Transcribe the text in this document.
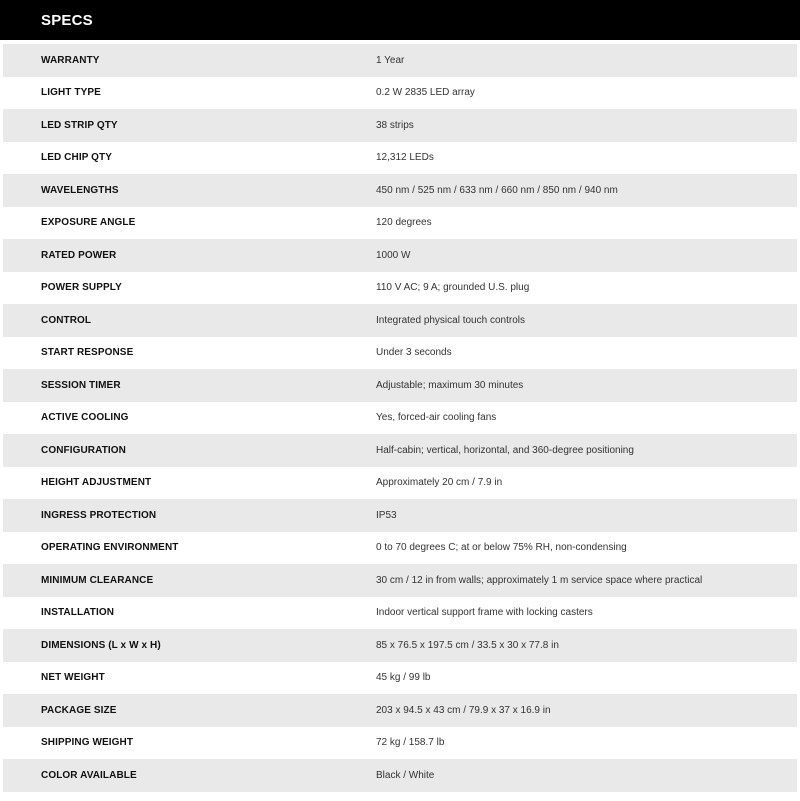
SPECS
WARRANTY	1 Year
LIGHT TYPE	0.2 W 2835 LED array
LED STRIP QTY	38 strips
LED CHIP QTY	12,312 LEDs
WAVELENGTHS	450 nm / 525 nm / 633 nm / 660 nm / 850 nm / 940 nm
EXPOSURE ANGLE	120 degrees
RATED POWER	1000 W
POWER SUPPLY	110 V AC; 9 A; grounded U.S. plug
CONTROL	Integrated physical touch controls
START RESPONSE	Under 3 seconds
SESSION TIMER	Adjustable; maximum 30 minutes
ACTIVE COOLING	Yes, forced-air cooling fans
CONFIGURATION	Half-cabin; vertical, horizontal, and 360-degree positioning
HEIGHT ADJUSTMENT	Approximately 20 cm / 7.9 in
INGRESS PROTECTION	IP53
OPERATING ENVIRONMENT	0 to 70 degrees C; at or below 75% RH, non-condensing
MINIMUM CLEARANCE	30 cm / 12 in from walls; approximately 1 m service space where practical
INSTALLATION	Indoor vertical support frame with locking casters
DIMENSIONS (L x W x H)	85 x 76.5 x 197.5 cm / 33.5 x 30 x 77.8 in
NET WEIGHT	45 kg / 99 lb
PACKAGE SIZE	203 x 94.5 x 43 cm / 79.9 x 37 x 16.9 in
SHIPPING WEIGHT	72 kg / 158.7 lb
COLOR AVAILABLE	Black / White
